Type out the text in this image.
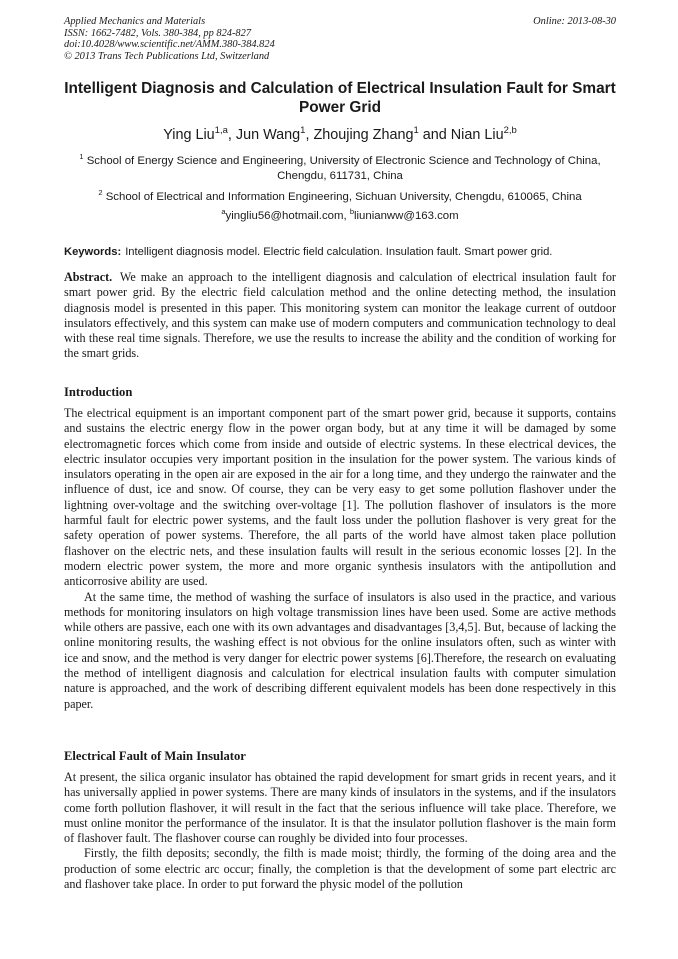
Applied Mechanics and Materials
ISSN: 1662-7482, Vols. 380-384, pp 824-827
doi:10.4028/www.scientific.net/AMM.380-384.824
© 2013 Trans Tech Publications Ltd, Switzerland
Online: 2013-08-30
Intelligent Diagnosis and Calculation of Electrical Insulation Fault for Smart Power Grid
Ying Liu$^{1,a}$, Jun Wang$^1$, Zhoujing Zhang$^1$ and Nian Liu$^{2,b}$
$^1$ School of Energy Science and Engineering, University of Electronic Science and Technology of China, Chengdu, 611731, China
$^2$ School of Electrical and Information Engineering, Sichuan University, Chengdu, 610065, China
$^a$yingliu56@hotmail.com, $^b$liunianww@163.com
Keywords: Intelligent diagnosis model. Electric field calculation. Insulation fault. Smart power grid.

Abstract. We make an approach to the intelligent diagnosis and calculation of electrical insulation fault for smart power grid. By the electric field calculation method and the online detecting method, the insulation diagnosis model is presented in this paper. This monitoring system can monitor the leakage current of outdoor insulators effectively, and this system can make use of modern computers and communication technology to deal with these real time signals. Therefore, we use the results to increase the ability and the condition of working for the smart grids.

Introduction

The electrical equipment is an important component part of the smart power grid, because it supports, contains and sustains the electric energy flow in the power organ body, but at any time it will be damaged by some electromagnetic forces which come from inside and outside of electric systems. In these electrical devices, the electric insulator occupies very important position in the insulation for the power system. The various kinds of insulators operating in the open air are exposed in the air for a long time, and they undergo the rainwater and the influence of dust, ice and snow. Of course, they can be very easy to get some pollution flashover under the lightning over-voltage and the switching over-voltage [1]. The pollution flashover of insulators is the more harmful fault for electric power systems, and the fault loss under the pollution flashover is very great for the safety operation of power systems. Therefore, the all parts of the world have almost taken place pollution flashover on the electric nets, and these insulation faults will result in the serious economic losses [2]. In the modern electric power system, the more and more organic synthesis insulators with the antipollution and anticorrosive ability are used.

At the same time, the method of washing the surface of insulators is also used in the practice, and various methods for monitoring insulators on high voltage transmission lines have been used. Some are active methods while others are passive, each one with its own advantages and disadvantages [3,4,5]. But, because of lacking the online monitoring results, the washing effect is not obvious for the online insulators often, such as winter with ice and snow, and the method is very danger for electric power systems [6].Therefore, the research on evaluating the method of intelligent diagnosis and calculation for electrical insulation faults with computer simulation nature is approached, and the work of describing different equivalent models has been done respectively in this paper.

Electrical Fault of Main Insulator

At present, the silica organic insulator has obtained the rapid development for smart grids in recent years, and it has universally applied in power systems. There are many kinds of insulators in the systems, and if the insulators come forth pollution flashover, it will result in the fact that the serious influence will take place. Therefore, we must online monitor the performance of the insulator. It is that the insulator pollution flashover is the main form of flashover fault. The flashover course can roughly be divided into four processes.

Firstly, the filth deposits; secondly, the filth is made moist; thirdly, the forming of the doing area and the production of some electric arc occur; finally, the completion is that the development of some part electric arc and flashover take place. In order to put forward the physic model of the pollution
